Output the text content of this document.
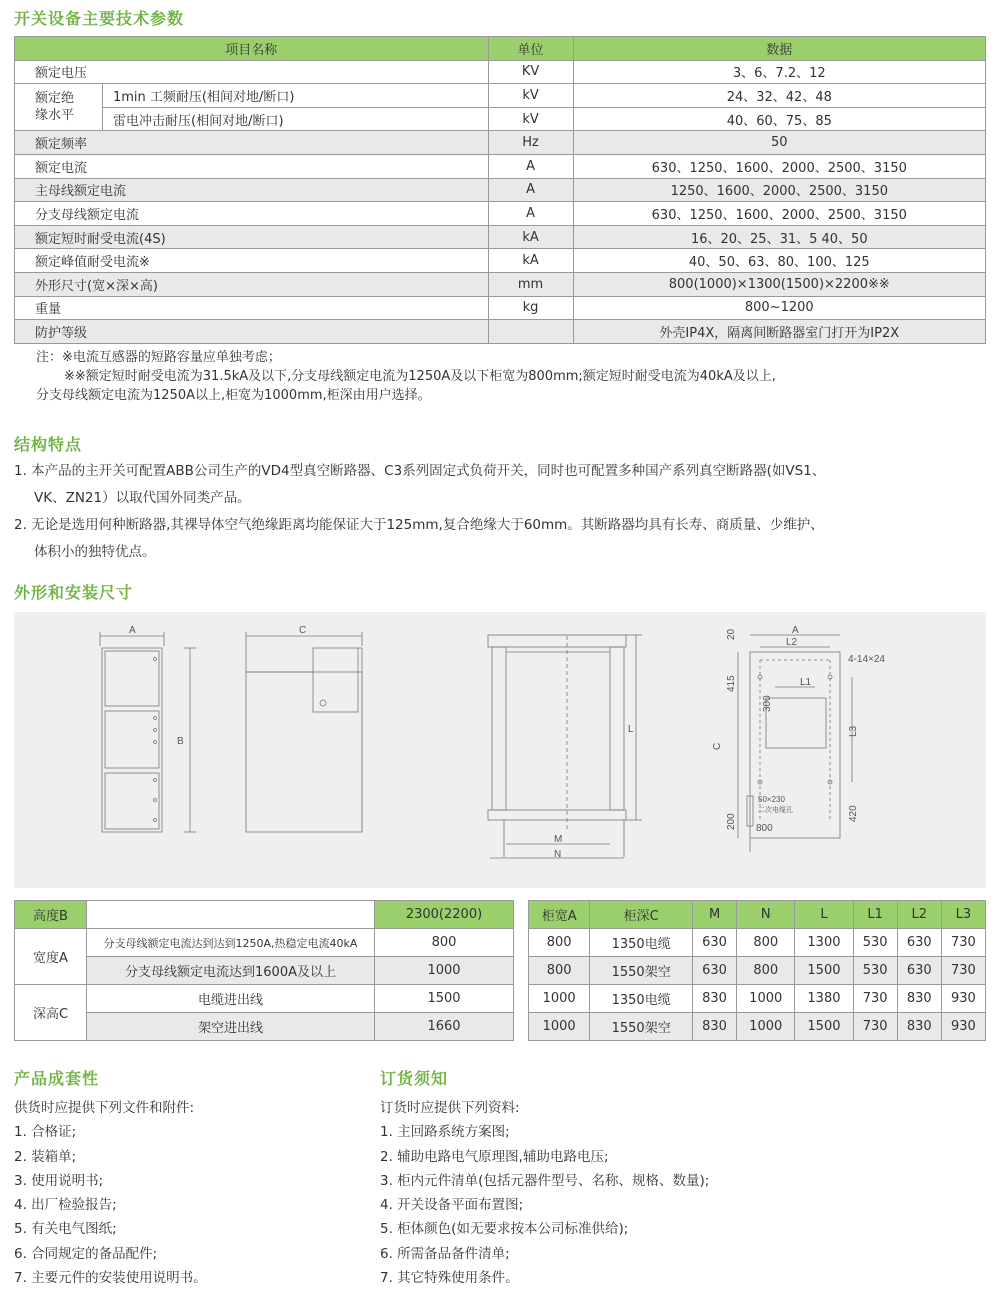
开关设备主要技术参数
项目名称		单位	数据
额定电压		KV	3、6、7.2、12
额定绝
缘水平	1min 工频耐压(相间对地/断口)	kV	24、32、42、48
	雷电冲击耐压(相间对地/断口)	kV	40、60、75、85
额定频率		Hz	50
额定电流		A	630、1250、1600、2000、2500、3150
主母线额定电流		A	1250、1600、2000、2500、3150
分支母线额定电流		A	630、1250、1600、2000、2500、3150
额定短时耐受电流(4S)		kA	16、20、25、31、5 40、50
额定峰值耐受电流※		kA	40、50、63、80、100、125
外形尺寸(宽×深×高)		mm	800(1000)×1300(1500)×2200※※
重量		kg	800~1200
防护等级			外壳IP4X，隔离间断路器室门打开为IP2X
注：※电流互感器的短路容量应单独考虑；
※※额定短时耐受电流为31.5kA及以下,分支母线额定电流为1250A及以下柜宽为800mm;额定短时耐受电流为40kA及以上,
分支母线额定电流为1250A以上,柜宽为1000mm,柜深由用户选择。
结构特点
1. 本产品的主开关可配置ABB公司生产的VD4型真空断路器、C3系列固定式负荷开关，同时也可配置多种国产系列真空断路器(如VS1、
VK、ZN21）以取代国外同类产品。
2. 无论是选用何种断路器,其裸导体空气绝缘距离均能保证大于125mm,复合绝缘大于60mm。其断路器均具有长寿、商质量、少维护、
体积小的独特优点。
外形和安装尺寸
A
B
C
L
M
N
A
L2
4-14×24
L1
300
20
415
C
200
L3
420
50×230
二次电缆孔
800
高度B		2300(2200)
宽度A	分支母线额定电流达到达到1250A,热稳定电流40kA	800
	分支母线额定电流达到1600A及以上	1000
深高C	电缆进出线	1500
	架空进出线	1660
柜宽A	柜深C	M	N	L	L1	L2	L3
800	1350电缆	630	800	1300	530	630	730
800	1550架空	630	800	1500	530	630	730
1000	1350电缆	830	1000	1380	730	830	930
1000	1550架空	830	1000	1500	730	830	930
产品成套性
供货时应提供下列文件和附件:
1. 合格证;
2. 装箱单;
3. 使用说明书;
4. 出厂检验报告;
5. 有关电气图纸;
6. 合同规定的备品配件;
7. 主要元件的安装使用说明书。
订货须知
订货时应提供下列资料:
1. 主回路系统方案图;
2. 辅助电路电气原理图,辅助电路电压;
3. 柜内元件清单(包括元器件型号、名称、规格、数量);
4. 开关设备平面布置图;
5. 柜体颜色(如无要求按本公司标准供给);
6. 所需备品备件清单;
7. 其它特殊使用条件。
